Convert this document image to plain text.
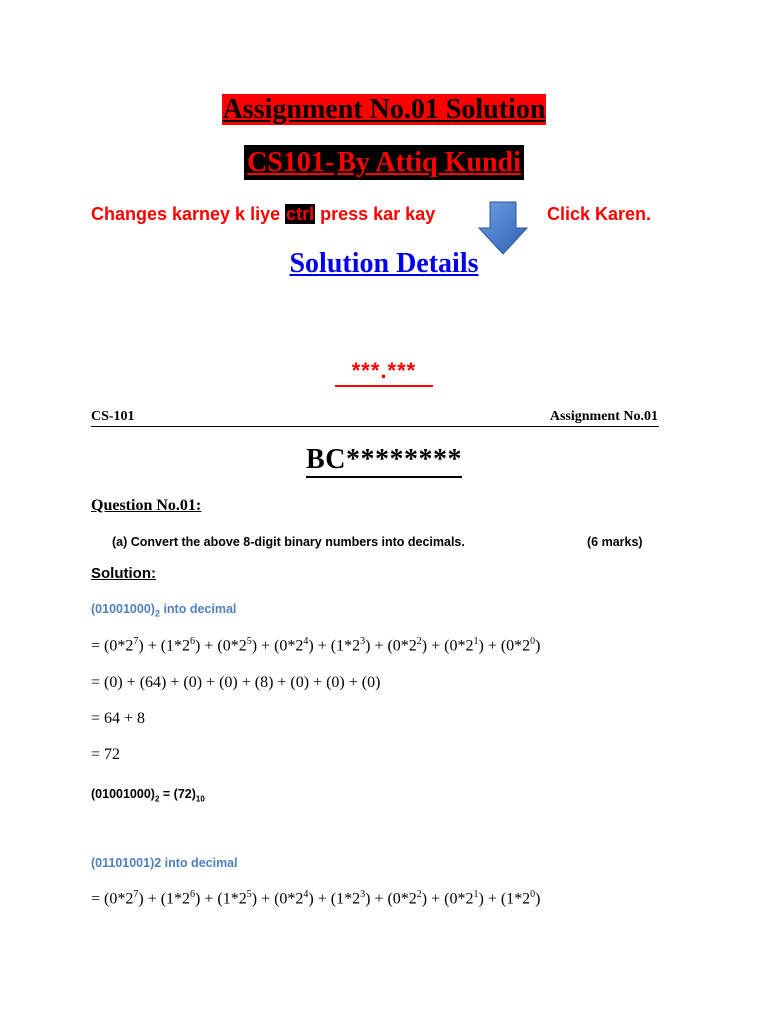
Assignment No.01 Solution
CS101- By Attiq Kundi
Changes karney k liye ctrl press kar kay	Click Karen.
Solution Details
***.***
CS-101	Assignment No.01
BC********
Question No.01:
(a) Convert the above 8-digit binary numbers into decimals.	(6 marks)
Solution:
$(01001000)_2$ into decimal
= $(0*2^7) + (1*2^6) + (0*2^5) + (0*2^4) + (1*2^3) + (0*2^2) + (0*2^1) + (0*2^0)$
= (0) + (64) + (0) + (0) + (8) + (0) + (0) + (0)
= 64 + 8
= 72
$(01001000)_2 = (72)_{10}$
(01101001)2 into decimal
= $(0*2^7) + (1*2^6) + (1*2^5) + (0*2^4) + (1*2^3) + (0*2^2) + (0*2^1) + (1*2^0)$
